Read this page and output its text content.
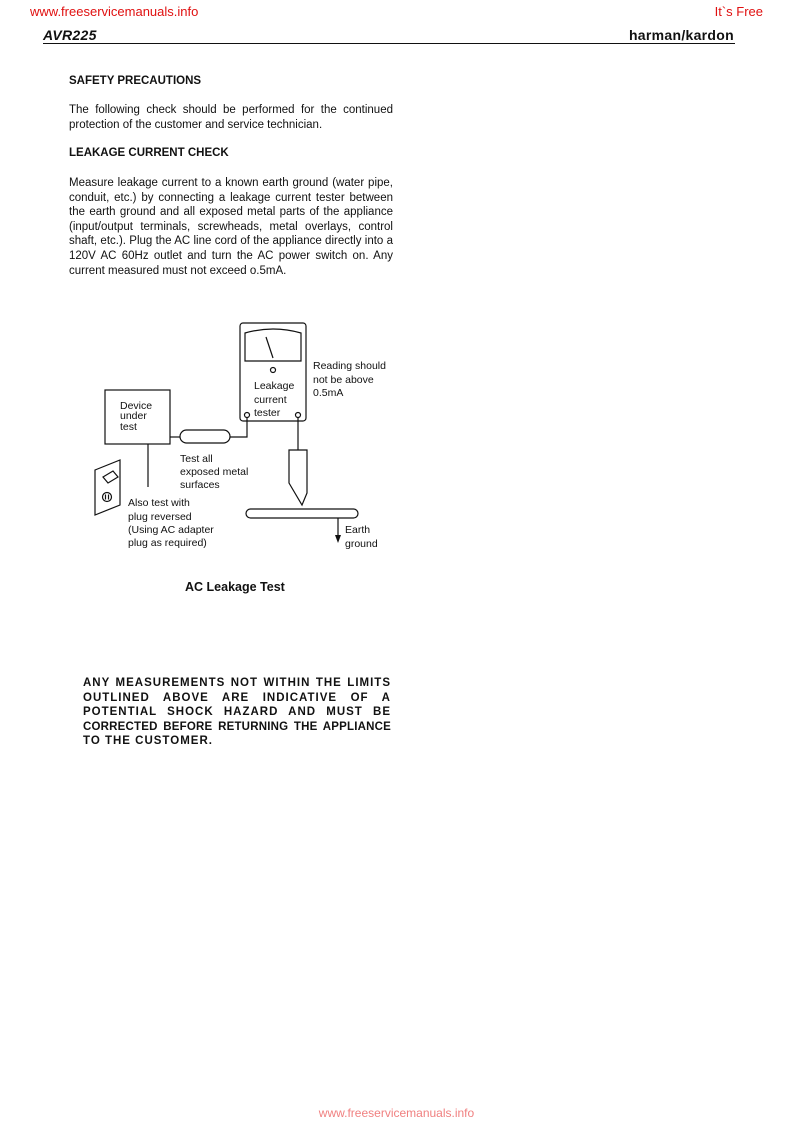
www.freeservicemanuals.info	It`s Free
AVR225	harman/kardon
SAFETY PRECAUTIONS
The following check should be performed for the continued protection of the customer and service technician.
LEAKAGE CURRENT CHECK
Measure leakage current to a known earth ground (water pipe, conduit, etc.) by connecting a leakage current tester between the earth ground and all exposed metal parts of the appliance (input/output terminals, screwheads, metal overlays, control shaft, etc.). Plug the AC line cord of the appliance directly into a 120V AC 60Hz outlet and turn the AC power switch on. Any current measured must not exceed o.5mA.
Device under test
Leakage current tester
Reading should not be above 0.5mA
Test all exposed metal surfaces
Also test with plug reversed (Using AC adapter plug as required)
Earth ground
AC Leakage Test
ANY MEASUREMENTS NOT WITHIN THE LIMITS
OUTLINED ABOVE ARE INDICATIVE OF A
POTENTIAL SHOCK HAZARD AND MUST BE
CORRECTED BEFORE RETURNING THE APPLIANCE
TO THE CUSTOMER.
www.freeservicemanuals.info
